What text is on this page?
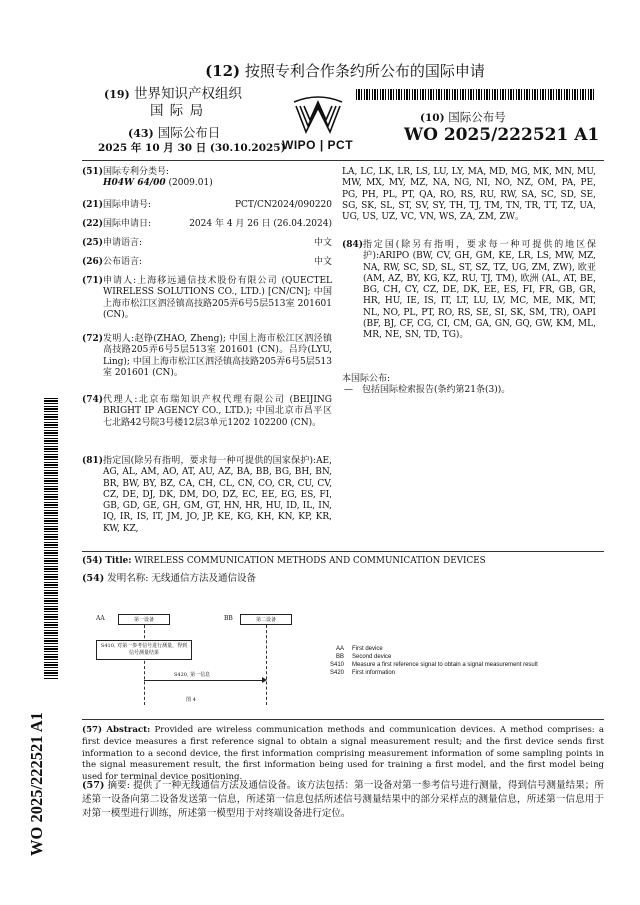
(12) 按照专利合作条约所公布的国际申请
(19) 世界知识产权组织
国 际 局
(43) 国际公布日
2025 年 10 月 30 日 (30.10.2025)
WIPO | PCT
(10) 国际公布号
WO 2025/222521 A1
(51) 国际专利分类号:
H04W 64/00 (2009.01)
(21) 国际申请号:	PCT/CN2024/090220
(22) 国际申请日:	2024 年 4 月 26 日 (26.04.2024)
(25) 申请语言:	中文
(26) 公布语言:	中文
(71) 申请人:上海移远通信技术股份有限公司 (QUECTEL WIRELESS SOLUTIONS CO., LTD.) [CN/CN]; 中国上海市松江区泗泾镇高技路205弄6号5层513室 201601 (CN)。
(72) 发明人:赵铮(ZHAO, Zheng); 中国上海市松江区泗泾镇高技路205弄6号5层513室 201601 (CN)。吕玲(LYU, Ling); 中国上海市松江区泗泾镇高技路205弄6号5层513室 201601 (CN)。
(74) 代理人:北京布瑞知识产权代理有限公司 (BEIJING BRIGHT IP AGENCY CO., LTD.); 中国北京市昌平区七北路42号院3号楼12层3单元1202 102200 (CN)。
(81) 指定国(除另有指明，要求每一种可提供的国家保护):AE, AG, AL, AM, AO, AT, AU, AZ, BA, BB, BG, BH, BN, BR, BW, BY, BZ, CA, CH, CL, CN, CO, CR, CU, CV, CZ, DE, DJ, DK, DM, DO, DZ, EC, EE, EG, ES, FI, GB, GD, GE, GH, GM, GT, HN, HR, HU, ID, IL, IN, IQ, IR, IS, IT, JM, JO, JP, KE, KG, KH, KN, KP, KR, KW, KZ,
LA, LC, LK, LR, LS, LU, LY, MA, MD, MG, MK, MN, MU, MW, MX, MY, MZ, NA, NG, NI, NO, NZ, OM, PA, PE, PG, PH, PL, PT, QA, RO, RS, RU, RW, SA, SC, SD, SE, SG, SK, SL, ST, SV, SY, TH, TJ, TM, TN, TR, TT, TZ, UA, UG, US, UZ, VC, VN, WS, ZA, ZM, ZW。
(84) 指定国(除另有指明，要求每一种可提供的地区保护):ARIPO (BW, CV, GH, GM, KE, LR, LS, MW, MZ, NA, RW, SC, SD, SL, ST, SZ, TZ, UG, ZM, ZW), 欧亚 (AM, AZ, BY, KG, KZ, RU, TJ, TM), 欧洲 (AL, AT, BE, BG, CH, CY, CZ, DE, DK, EE, ES, FI, FR, GB, GR, HR, HU, IE, IS, IT, LT, LU, LV, MC, ME, MK, MT, NL, NO, PL, PT, RO, RS, SE, SI, SK, SM, TR), OAPI (BF, BJ, CF, CG, CI, CM, GA, GN, GQ, GW, KM, ML, MR, NE, SN, TD, TG)。
本国际公布:
—　包括国际检索报告(条约第21条(3))。
(54) Title: WIRELESS COMMUNICATION METHODS AND COMMUNICATION DEVICES
(54) 发明名称: 无线通信方法及通信设备
AA	第一设备	BB	第二设备
S410, 对第一参考信号进行测量，得到信号测量结果
S420, 第一信息
图 4
AA First device
BB Second device
S410 Measure a first reference signal to obtain a signal measurement result
S420 First information
(57) Abstract: Provided are wireless communication methods and communication devices. A method comprises: a first device measures a first reference signal to obtain a signal measurement result; and the first device sends first information to a second device, the first information comprising measurement information of some sampling points in the signal measurement result, the first information being used for training a first model, and the first model being used for terminal device positioning.
(57) 摘要: 提供了一种无线通信方法及通信设备。该方法包括：第一设备对第一参考信号进行测量，得到信号测量结果；所述第一设备向第二设备发送第一信息，所述第一信息包括所述信号测量结果中的部分采样点的测量信息，所述第一信息用于对第一模型进行训练，所述第一模型用于对终端设备进行定位。
WO 2025/222521 A1
